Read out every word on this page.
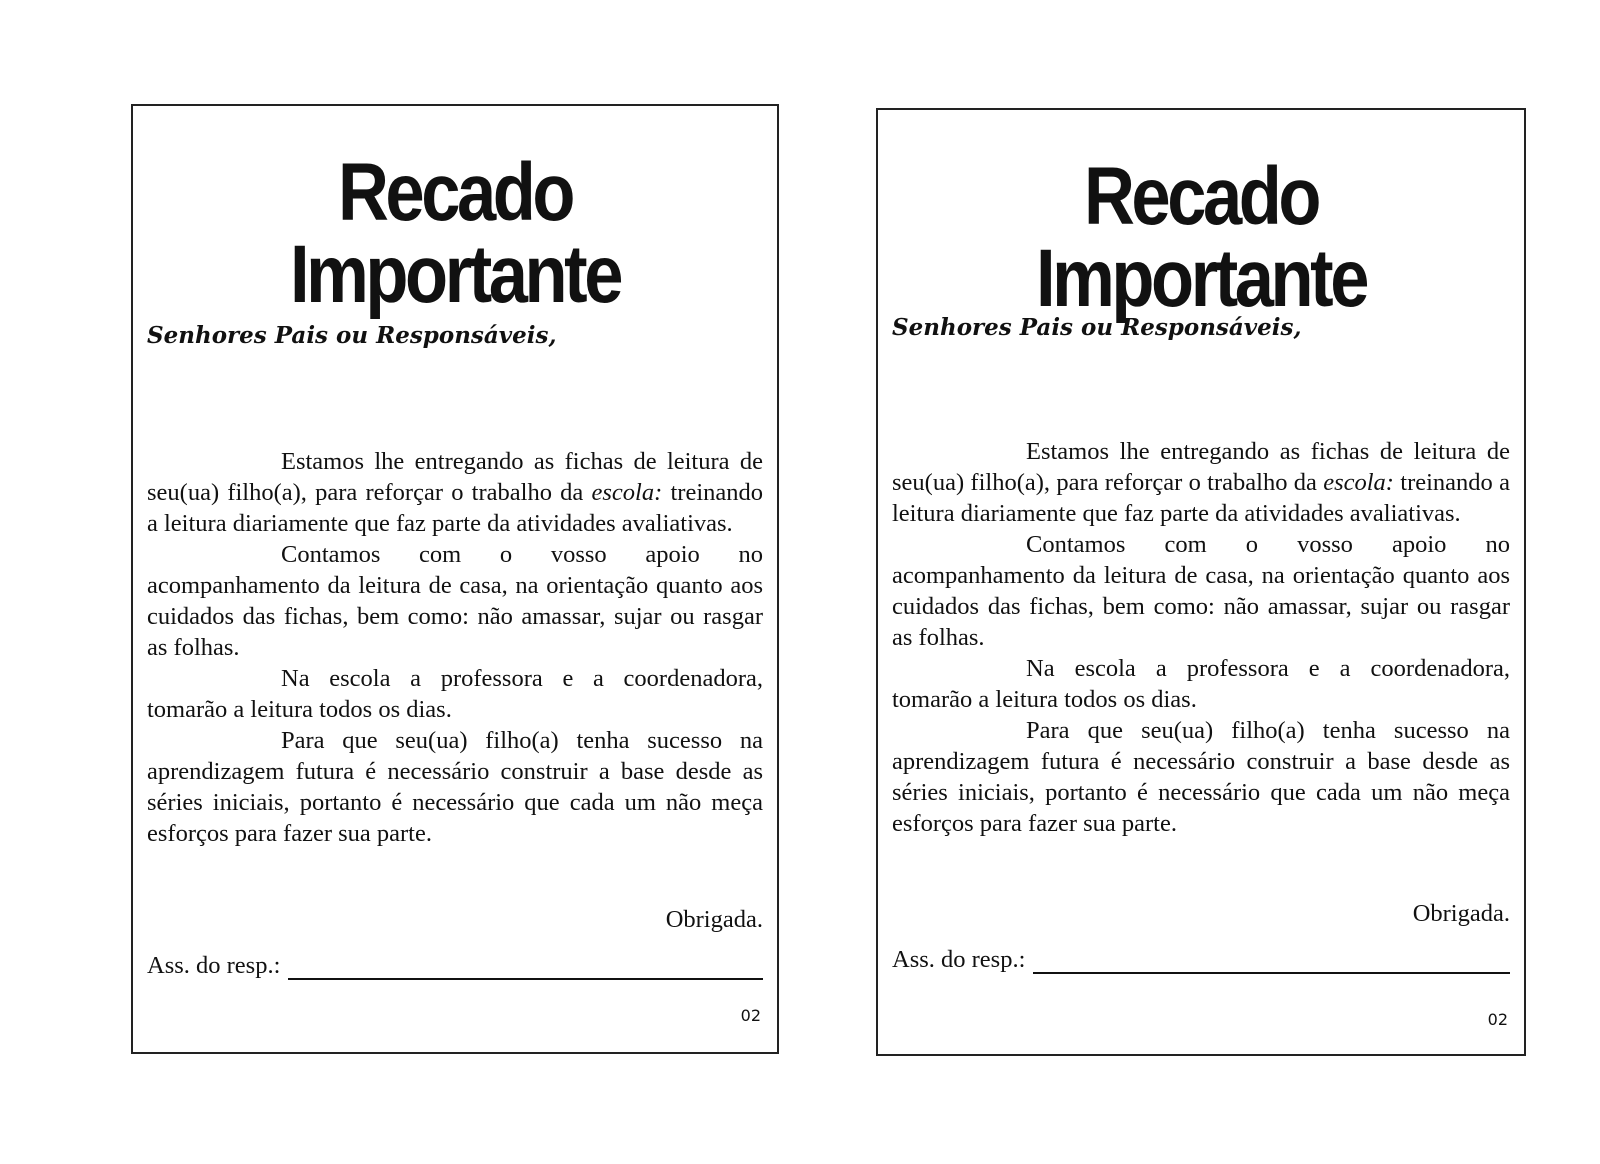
Recado Importante

Senhores Pais ou Responsáveis,

Estamos lhe entregando as fichas de leitura de seu(ua) filho(a), para reforçar o trabalho da escola: treinando a leitura diariamente que faz parte da atividades avaliativas.

Contamos com o vosso apoio no acompanhamento da leitura de casa, na orientação quanto aos cuidados das fichas, bem como: não amassar, sujar ou rasgar as folhas.

Na escola a professora e a coordenadora, tomarão a leitura todos os dias.

Para que seu(ua) filho(a) tenha sucesso na aprendizagem futura é necessário construir a base desde as séries iniciais, portanto é necessário que cada um não meça esforços para fazer sua parte.

Obrigada.

Ass. do resp.:

02

Recado Importante

Senhores Pais ou Responsáveis,

Estamos lhe entregando as fichas de leitura de seu(ua) filho(a), para reforçar o trabalho da escola: treinando a leitura diariamente que faz parte da atividades avaliativas.

Contamos com o vosso apoio no acompanhamento da leitura de casa, na orientação quanto aos cuidados das fichas, bem como: não amassar, sujar ou rasgar as folhas.

Na escola a professora e a coordenadora, tomarão a leitura todos os dias.

Para que seu(ua) filho(a) tenha sucesso na aprendizagem futura é necessário construir a base desde as séries iniciais, portanto é necessário que cada um não meça esforços para fazer sua parte.

Obrigada.

Ass. do resp.:

02
